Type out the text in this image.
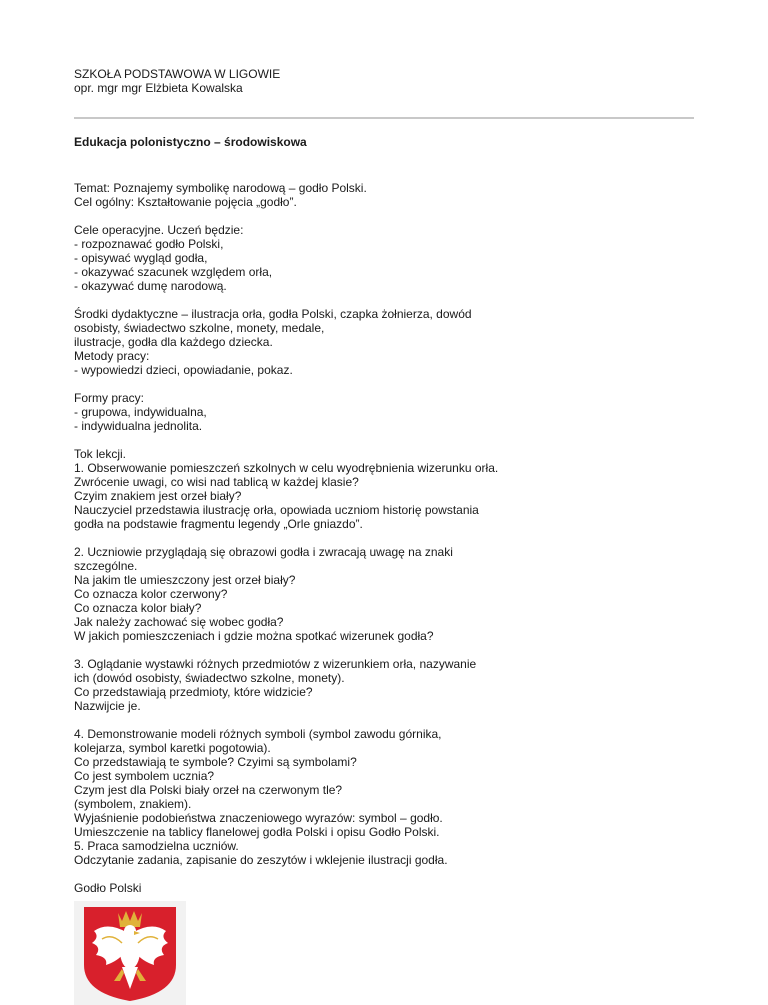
SZKOŁA PODSTAWOWA W LIGOWIE
opr. mgr mgr Elżbieta Kowalska
Edukacja polonistyczno – środowiskowa
Temat: Poznajemy symbolikę narodową – godło Polski.
Cel ogólny: Kształtowanie pojęcia „godło”.
Cele operacyjne. Uczeń będzie:
- rozpoznawać godło Polski,
- opisywać wygląd godła,
- okazywać szacunek względem orła,
- okazywać dumę narodową.
Środki dydaktyczne – ilustracja orła, godła Polski, czapka żołnierza, dowód
osobisty, świadectwo szkolne, monety, medale,
ilustracje, godła dla każdego dziecka.
Metody pracy:
- wypowiedzi dzieci, opowiadanie, pokaz.
Formy pracy:
- grupowa, indywidualna,
- indywidualna jednolita.
Tok lekcji.
1. Obserwowanie pomieszczeń szkolnych w celu wyodrębnienia wizerunku orła.
Zwrócenie uwagi, co wisi nad tablicą w każdej klasie?
Czyim znakiem jest orzeł biały?
Nauczyciel przedstawia ilustrację orła, opowiada uczniom historię powstania
godła na podstawie fragmentu legendy „Orle gniazdo”.
2. Uczniowie przyglądają się obrazowi godła i zwracają uwagę na znaki
szczególne.
Na jakim tle umieszczony jest orzeł biały?
Co oznacza kolor czerwony?
Co oznacza kolor biały?
Jak należy zachować się wobec godła?
W jakich pomieszczeniach i gdzie można spotkać wizerunek godła?
3. Oglądanie wystawki różnych przedmiotów z wizerunkiem orła, nazywanie
ich (dowód osobisty, świadectwo szkolne, monety).
Co przedstawiają przedmioty, które widzicie?
Nazwijcie je.
4. Demonstrowanie modeli różnych symboli (symbol zawodu górnika,
kolejarza, symbol karetki pogotowia).
Co przedstawiają te symbole? Czyimi są symbolami?
Co jest symbolem ucznia?
Czym jest dla Polski biały orzeł na czerwonym tle?
(symbolem, znakiem).
Wyjaśnienie podobieństwa znaczeniowego wyrazów: symbol – godło.
Umieszczenie na tablicy flanelowej godła Polski i opisu Godło Polski.
5. Praca samodzielna uczniów.
Odczytanie zadania, zapisanie do zeszytów i wklejenie ilustracji godła.
Godło Polski
